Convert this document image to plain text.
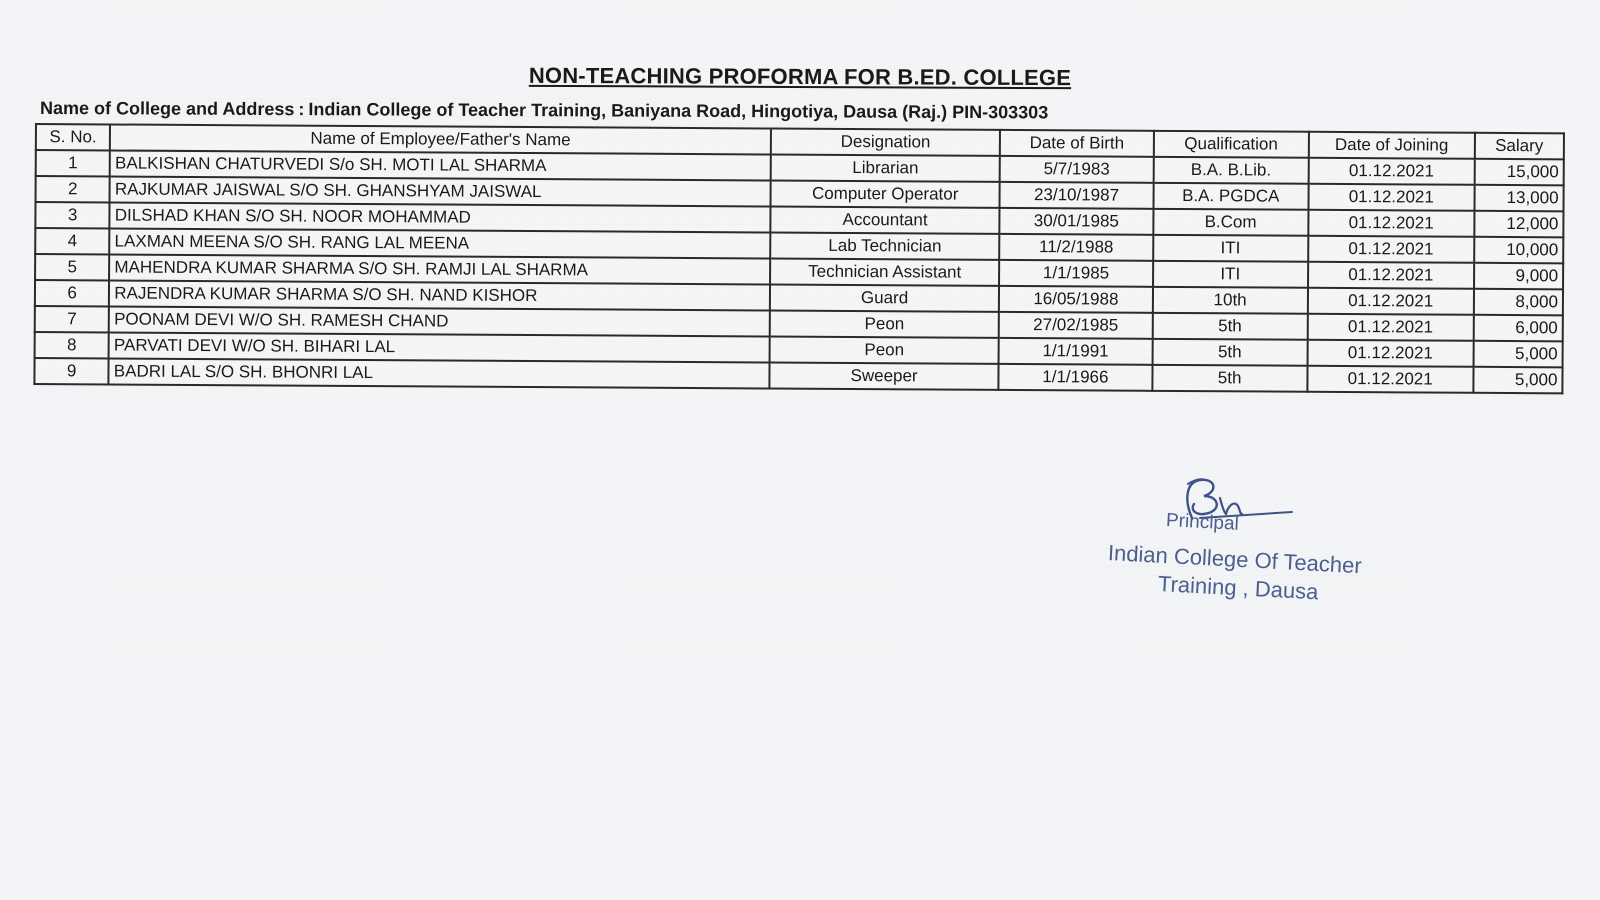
NON-TEACHING PROFORMA FOR B.ED. COLLEGE
Name of College and Address : Indian College of Teacher Training, Baniyana Road, Hingotiya, Dausa (Raj.) PIN-303303
S. No.	Name of Employee/Father's Name	Designation	Date of Birth	Qualification	Date of Joining	Salary
1	BALKISHAN CHATURVEDI S/o SH. MOTI LAL SHARMA	Librarian	5/7/1983	B.A. B.Lib.	01.12.2021	15,000
2	RAJKUMAR JAISWAL S/O SH. GHANSHYAM JAISWAL	Computer Operator	23/10/1987	B.A. PGDCA	01.12.2021	13,000
3	DILSHAD KHAN S/O SH. NOOR MOHAMMAD	Accountant	30/01/1985	B.Com	01.12.2021	12,000
4	LAXMAN MEENA S/O SH. RANG LAL MEENA	Lab Technician	11/2/1988	ITI	01.12.2021	10,000
5	MAHENDRA KUMAR SHARMA S/O SH. RAMJI LAL SHARMA	Technician Assistant	1/1/1985	ITI	01.12.2021	9,000
6	RAJENDRA KUMAR SHARMA S/O SH. NAND KISHOR	Guard	16/05/1988	10th	01.12.2021	8,000
7	POONAM DEVI W/O SH. RAMESH CHAND	Peon	27/02/1985	5th	01.12.2021	6,000
8	PARVATI DEVI W/O SH. BIHARI LAL	Peon	1/1/1991	5th	01.12.2021	5,000
9	BADRI LAL S/O SH. BHONRI LAL	Sweeper	1/1/1966	5th	01.12.2021	5,000
Principal
Indian College Of Teacher
Training , Dausa
